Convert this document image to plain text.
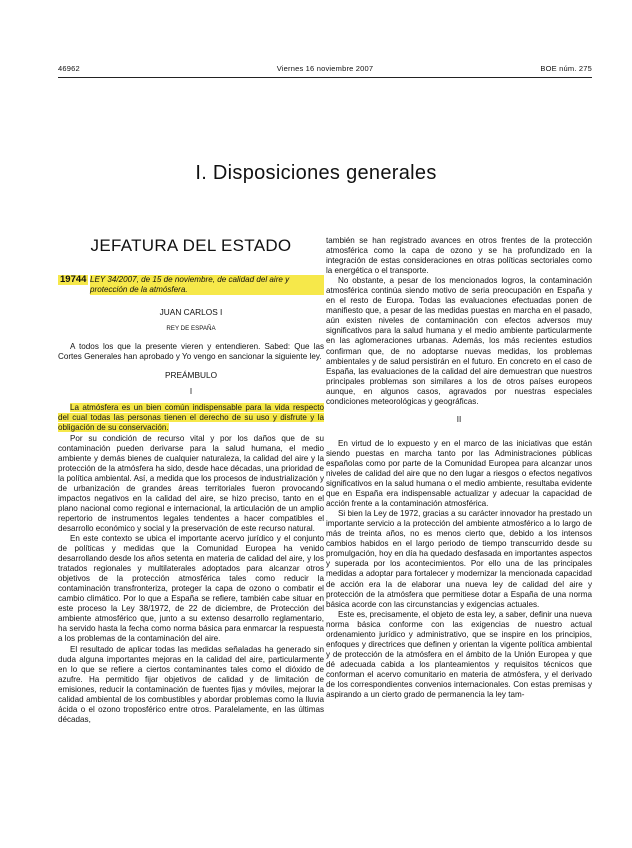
46962	Viernes 16 noviembre 2007	BOE núm. 275
I. Disposiciones generales
JEFATURA DEL ESTADO
19744 LEY 34/2007, de 15 de noviembre, de calidad del aire y protección de la atmósfera.

JUAN CARLOS I

REY DE ESPAÑA

A todos los que la presente vieren y entendieren. Sabed: Que las Cortes Generales han aprobado y Yo vengo en sancionar la siguiente ley.

PREÁMBULO

I

La atmósfera es un bien común indispensable para la vida respecto del cual todas las personas tienen el derecho de su uso y disfrute y la obligación de su conservación.

Por su condición de recurso vital y por los daños que de su contaminación pueden derivarse para la salud humana, el medio ambiente y demás bienes de cualquier naturaleza, la calidad del aire y la protección de la atmósfera ha sido, desde hace décadas, una prioridad de la política ambiental. Así, a medida que los procesos de industrialización y de urbanización de grandes áreas territoriales fueron provocando impactos negativos en la calidad del aire, se hizo preciso, tanto en el plano nacional como regional e internacional, la articulación de un amplio repertorio de instrumentos legales tendentes a hacer compatibles el desarrollo económico y social y la preservación de este recurso natural.

En este contexto se ubica el importante acervo jurídico y el conjunto de políticas y medidas que la Comunidad Europea ha venido desarrollando desde los años setenta en materia de calidad del aire, y los tratados regionales y multilaterales adoptados para alcanzar otros objetivos de la protección atmosférica tales como reducir la contaminación transfronteriza, proteger la capa de ozono o combatir el cambio climático. Por lo que a España se refiere, también cabe situar en este proceso la Ley 38/1972, de 22 de diciembre, de Protección del ambiente atmosférico que, junto a su extenso desarrollo reglamentario, ha servido hasta la fecha como norma básica para enmarcar la respuesta a los problemas de la contaminación del aire.

El resultado de aplicar todas las medidas señaladas ha generado sin duda alguna importantes mejoras en la calidad del aire, particularmente en lo que se refiere a ciertos contaminantes tales como el dióxido de azufre. Ha permitido fijar objetivos de calidad y de limitación de emisiones, reducir la contaminación de fuentes fijas y móviles, mejorar la calidad ambiental de los combustibles y abordar problemas como la lluvia ácida o el ozono troposférico entre otros. Paralelamente, en las últimas décadas,

también se han registrado avances en otros frentes de la protección atmosférica como la capa de ozono y se ha profundizado en la integración de estas consideraciones en otras políticas sectoriales como la energética o el transporte.

No obstante, a pesar de los mencionados logros, la contaminación atmosférica continúa siendo motivo de seria preocupación en España y en el resto de Europa. Todas las evaluaciones efectuadas ponen de manifiesto que, a pesar de las medidas puestas en marcha en el pasado, aún existen niveles de contaminación con efectos adversos muy significativos para la salud humana y el medio ambiente particularmente en las aglomeraciones urbanas. Además, los más recientes estudios confirman que, de no adoptarse nuevas medidas, los problemas ambientales y de salud persistirán en el futuro. En concreto en el caso de España, las evaluaciones de la calidad del aire demuestran que nuestros principales problemas son similares a los de otros países europeos aunque, en algunos casos, agravados por nuestras especiales condiciones meteorológicas y geográficas.

II

En virtud de lo expuesto y en el marco de las iniciativas que están siendo puestas en marcha tanto por las Administraciones públicas españolas como por parte de la Comunidad Europea para alcanzar unos niveles de calidad del aire que no den lugar a riesgos o efectos negativos significativos en la salud humana o el medio ambiente, resultaba evidente que en España era indispensable actualizar y adecuar la capacidad de acción frente a la contaminación atmosférica.

Si bien la Ley de 1972, gracias a su carácter innovador ha prestado un importante servicio a la protección del ambiente atmosférico a lo largo de más de treinta años, no es menos cierto que, debido a los intensos cambios habidos en el largo periodo de tiempo transcurrido desde su promulgación, hoy en día ha quedado desfasada en importantes aspectos y superada por los acontecimientos. Por ello una de las principales medidas a adoptar para fortalecer y modernizar la mencionada capacidad de acción era la de elaborar una nueva ley de calidad del aire y protección de la atmósfera que permitiese dotar a España de una norma básica acorde con las circunstancias y exigencias actuales.

Este es, precisamente, el objeto de esta ley, a saber, definir una nueva norma básica conforme con las exigencias de nuestro actual ordenamiento jurídico y administrativo, que se inspire en los principios, enfoques y directrices que definen y orientan la vigente política ambiental y de protección de la atmósfera en el ámbito de la Unión Europea y que dé adecuada cabida a los planteamientos y requisitos técnicos que conforman el acervo comunitario en materia de atmósfera, y el derivado de los correspondientes convenios internacionales. Con estas premisas y aspirando a un cierto grado de permanencia la ley tam-
